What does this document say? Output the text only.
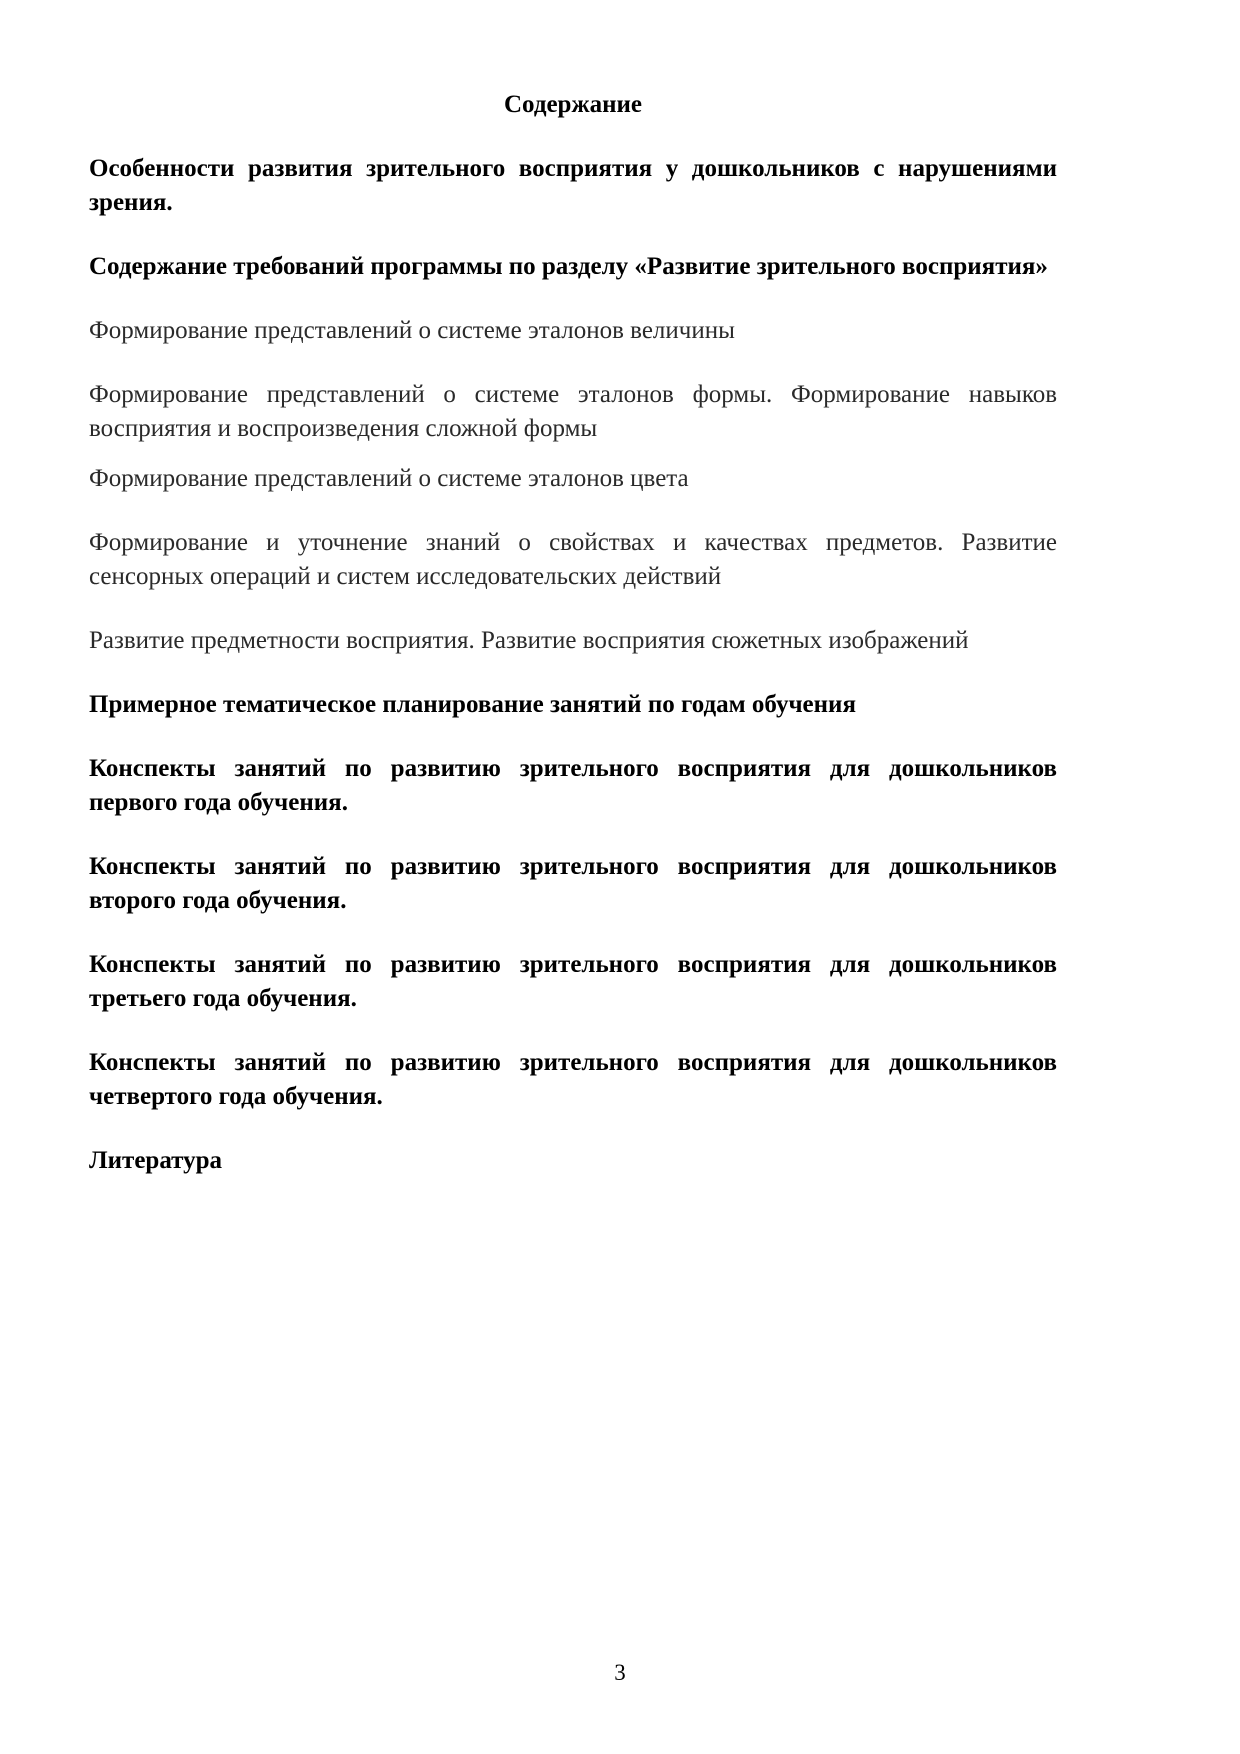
Содержание

Особенности развития зрительного восприятия у дошкольников с нарушениями зрения.

Содержание требований программы по разделу «Развитие зрительного восприятия»

Формирование представлений о системе эталонов величины

Формирование представлений о системе эталонов формы. Формирование навыков восприятия и воспроизведения сложной формы

Формирование представлений о системе эталонов цвета

Формирование и уточнение знаний о свойствах и качествах предметов. Развитие сенсорных операций и систем исследовательских действий

Развитие предметности восприятия. Развитие восприятия сюжетных изображений

Примерное тематическое планирование занятий по годам обучения

Конспекты занятий по развитию зрительного восприятия для дошкольников первого года обучения.

Конспекты занятий по развитию зрительного восприятия для дошкольников второго года обучения.

Конспекты занятий по развитию зрительного восприятия для дошкольников третьего года обучения.

Конспекты занятий по развитию зрительного восприятия для дошкольников четвертого года обучения.

Литература

3
